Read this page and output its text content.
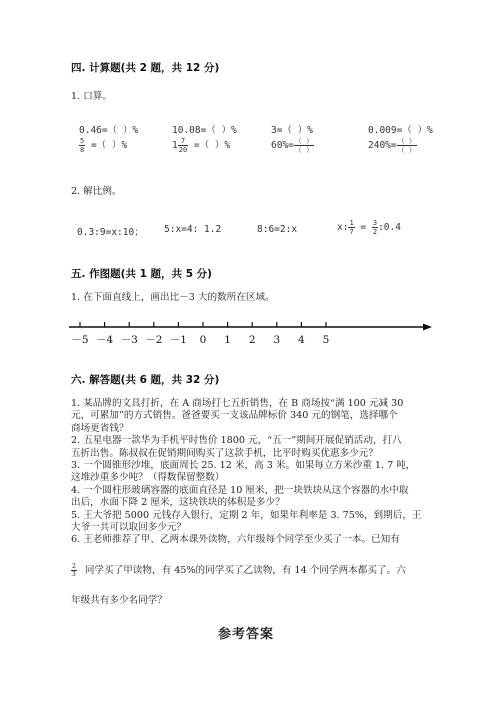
四. 计算题(共 2 题，共 12 分)
1. 口算。
0.46=（ ）%	10.08=（ ）%	3=（ ）%	0.009=（ ）%
$\frac{5}{8}$ =（ ）%	$1 \frac{7}{20}$ =（ ）%	$60\%= \frac{( )}{( )}$	$240\%= \frac{( )}{( )}$
2. 解比例。
0.3:9=x:10； 5:x=4: 1.2	8:6=2:x	x: $\frac{1}{7} = \frac{3}{2}$ :0.4
五. 作图题(共 1 题，共 5 分)
1. 在下面直线上，画出比－3 大的数所在区域。
－5 －4 －3 －2 －1 0 1 2 3 4 5
六. 解答题(共 6 题，共 32 分)

1. 某品牌的文具打折，在 A 商场打七五折销售，在 B 商场按“满 100 元减 30

元，可累加”的方式销售。爸爸要买一支该品牌标价 340 元的钢笔，选择哪个

商场更省钱？

2. 五星电器一款华为手机平时售价 1800 元，“五一”期间开展促销活动，打八

五折出售。陈叔叔在促销期间购买了这款手机，比平时购买优惠多少元？

3. 一个圆锥形沙堆，底面周长 25. 12 米，高 3 米。如果每立方米沙重 1. 7 吨，

这堆沙重多少吨？（得数保留整数）

4. 一个圆柱形玻璃容器的底面直径是 10 厘米，把一块铁块从这个容器的水中取

出后，水面下降 2 厘米，这块铁块的体积是多少？

5. 王大爷把 5000 元钱存入银行，定期 2 年，如果年利率是 3. 75%，到期后，王

大爷一共可以取回多少元？

6. 王老师推荐了甲、乙两本课外读物，六年级每个同学至少买了一本。已知有

$\frac{2}{3}$ 同学买了甲读物，有 45%的同学买了乙读物，有 14 个同学两本都买了。六
年级共有多少名同学？
参考答案
